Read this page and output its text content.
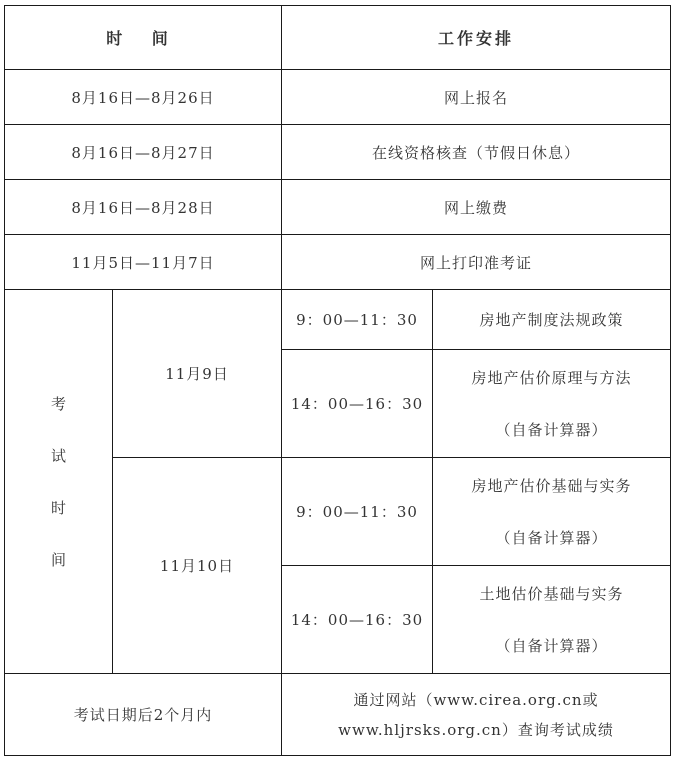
时 间		工作安排	
8月16日—8月26日		网上报名	
8月16日—8月27日		在线资格核查（节假日休息）	
8月16日—8月28日		网上缴费	
11月5日—11月7日		网上打印准考证	
考试时间	11月9日	9：00—11：30	房地产制度法规政策
		14：00—16：30	房地产估价原理与方法
（自备计算器）

	11月10日	9：00—11：30	房地产估价基础与实务
（自备计算器）

		14：00—16：30	土地估价基础与实务
（自备计算器）

考试日期后2个月内		通过网站（www.cirea.org.cn或
www.hljrsks.org.cn）查询考试成绩	
